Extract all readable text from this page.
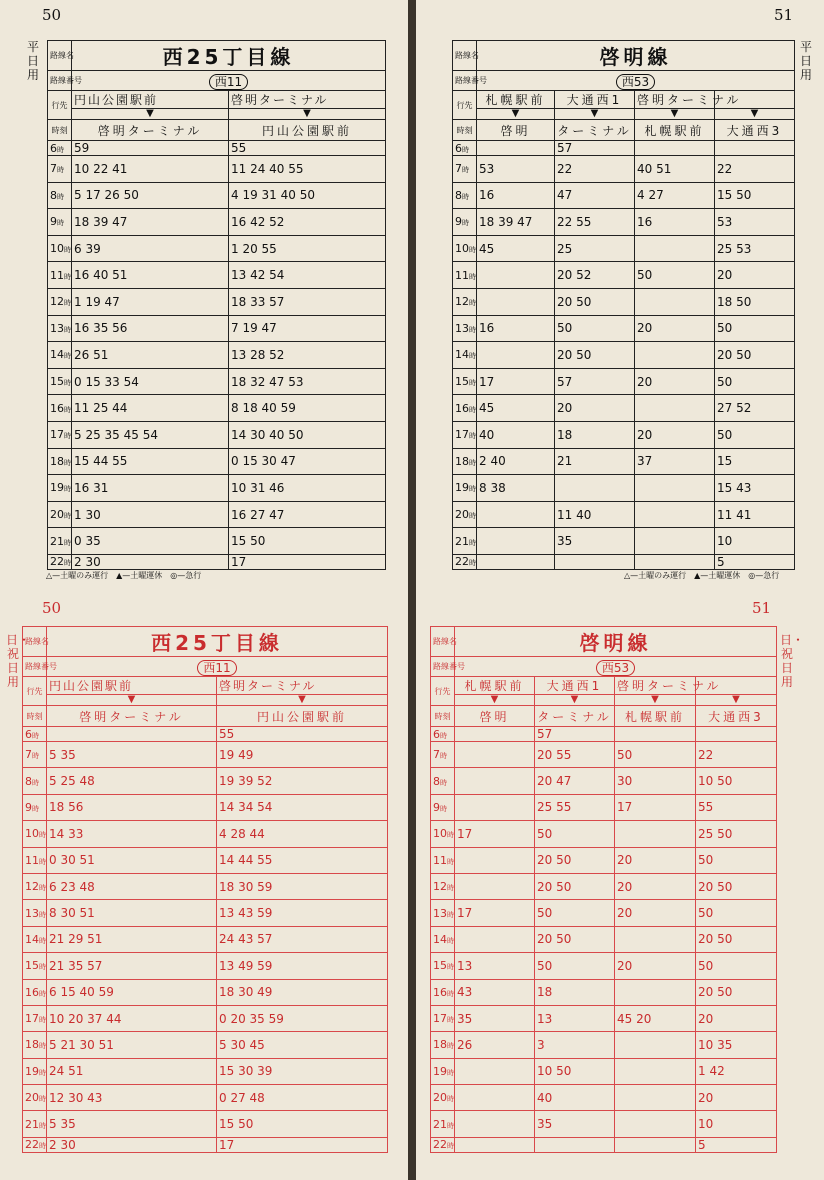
50
平日用
路線名	西25丁目線	
路線番号	西11	
行先	円山公園駅前	啓明ターミナル
	▼	▼
時刻	啓明ターミナル	円山公園駅前
6時	59	55
7時	10 22 41	11 24 40 55
8時	5 17 26 50	4 19 31 40 50
9時	18 39 47	16 42 52
10時	6 39	1 20 55
11時	16 40 51	13 42 54
12時	1 19 47	18 33 57
13時	16 35 56	7 19 47
14時	26 51	13 28 52
15時	0 15 33 54	18 32 47 53
16時	11 25 44	8 18 40 59
17時	5 25 35 45 54	14 30 40 50
18時	15 44 55	0 15 30 47
19時	16 31	10 31 46
20時	1 30	16 27 47
21時	0 35	15 50
22時	2 30	17
△—土曜のみ運行　▲—土曜運休　◎—急行
51
平日用
路線名	啓明線			
路線番号	西53			
行先	札幌駅前	大通西1	啓明ターミナル	
	▼	▼	▼	▼
時刻	啓明	ターミナル	札幌駅前	大通西3
6時		57		
7時	53	22	40 51	22
8時	16	47	4 27	15 50
9時	18 39 47	22 55	16	53
10時	45	25		25 53
11時		20 52	50	20
12時		20 50		18 50
13時	16	50	20	50
14時		20 50		20 50
15時	17	57	20	50
16時	45	20		27 52
17時	40	18	20	50
18時	2 40	21	37	15
19時	8 38			15 43
20時		11 40		11 41
21時		35		10
22時				5
△—土曜のみ運行　▲—土曜運休　◎—急行
50
日・祝日用
路線名	西25丁目線	
路線番号	西11	
行先	円山公園駅前	啓明ターミナル
	▼	▼
時刻	啓明ターミナル	円山公園駅前
6時		55
7時	5 35	19 49
8時	5 25 48	19 39 52
9時	18 56	14 34 54
10時	14 33	4 28 44
11時	0 30 51	14 44 55
12時	6 23 48	18 30 59
13時	8 30 51	13 43 59
14時	21 29 51	24 43 57
15時	21 35 57	13 49 59
16時	6 15 40 59	18 30 49
17時	10 20 37 44	0 20 35 59
18時	5 21 30 51	5 30 45
19時	24 51	15 30 39
20時	12 30 43	0 27 48
21時	5 35	15 50
22時	2 30	17
51
日・祝日用
路線名	啓明線			
路線番号	西53			
行先	札幌駅前	大通西1	啓明ターミナル	
	▼	▼	▼	▼
時刻	啓明	ターミナル	札幌駅前	大通西3
6時		57		
7時		20 55	50	22
8時		20 47	30	10 50
9時		25 55	17	55
10時	17	50		25 50
11時		20 50	20	50
12時		20 50	20	20 50
13時	17	50	20	50
14時		20 50		20 50
15時	13	50	20	50
16時	43	18		20 50
17時	35	13	45 20	20
18時	26	3		10 35
19時		10 50		1 42
20時		40		20
21時		35		10
22時				5
